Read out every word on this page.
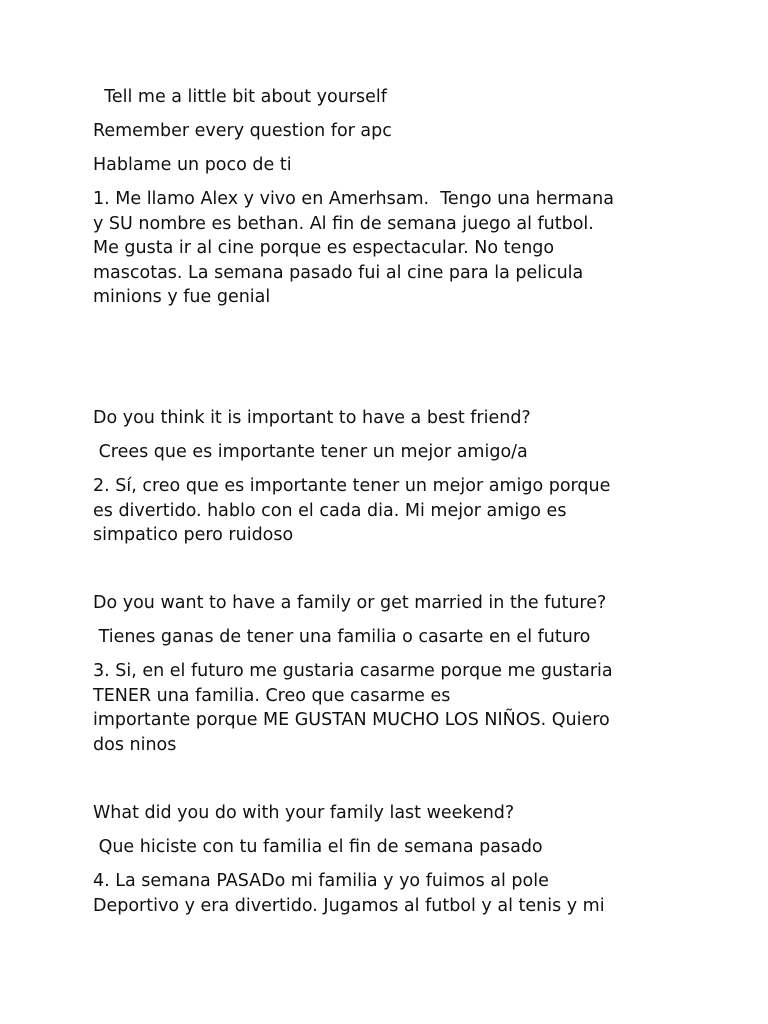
Tell me a little bit about yourself

Remember every question for apc

Hablame un poco de ti

1. Me llamo Alex y vivo en Amerhsam.  Tengo una hermana

y SU nombre es bethan. Al fin de semana juego al futbol.

Me gusta ir al cine porque es espectacular. No tengo

mascotas. La semana pasado fui al cine para la pelicula

minions y fue genial

Do you think it is important to have a best friend?

Crees que es importante tener un mejor amigo/a

2. Sí, creo que es importante tener un mejor amigo porque

es divertido. hablo con el cada dia. Mi mejor amigo es

simpatico pero ruidoso

Do you want to have a family or get married in the future?

Tienes ganas de tener una familia o casarte en el futuro

3. Si, en el futuro me gustaria casarme porque me gustaria

TENER una familia. Creo que casarme es

importante porque ME GUSTAN MUCHO LOS NIÑOS. Quiero

dos ninos

What did you do with your family last weekend?

Que hiciste con tu familia el fin de semana pasado

4. La semana PASADo mi familia y yo fuimos al pole

Deportivo y era divertido. Jugamos al futbol y al tenis y mi
